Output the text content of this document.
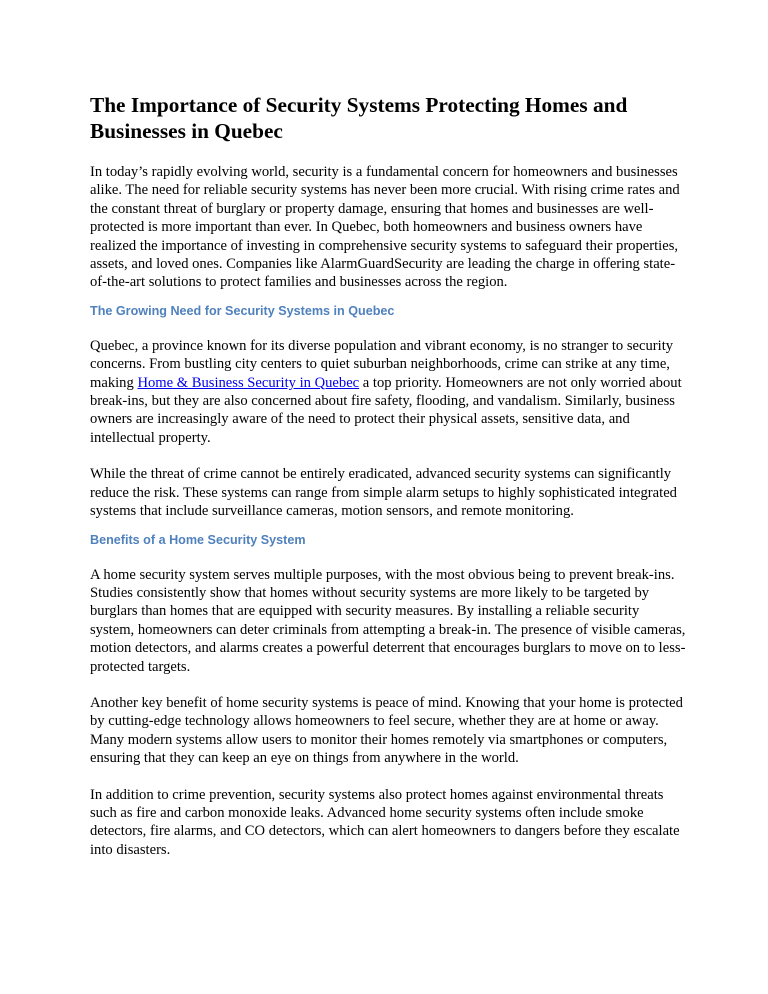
The Importance of Security Systems Protecting Homes and Businesses in Quebec

In today’s rapidly evolving world, security is a fundamental concern for homeowners and businesses alike. The need for reliable security systems has never been more crucial. With rising crime rates and the constant threat of burglary or property damage, ensuring that homes and businesses are well-protected is more important than ever. In Quebec, both homeowners and business owners have realized the importance of investing in comprehensive security systems to safeguard their properties, assets, and loved ones. Companies like AlarmGuardSecurity are leading the charge in offering state-of-the-art solutions to protect families and businesses across the region.

The Growing Need for Security Systems in Quebec

Quebec, a province known for its diverse population and vibrant economy, is no stranger to security concerns. From bustling city centers to quiet suburban neighborhoods, crime can strike at any time, making Home & Business Security in Quebec a top priority. Homeowners are not only worried about break-ins, but they are also concerned about fire safety, flooding, and vandalism. Similarly, business owners are increasingly aware of the need to protect their physical assets, sensitive data, and intellectual property.

While the threat of crime cannot be entirely eradicated, advanced security systems can significantly reduce the risk. These systems can range from simple alarm setups to highly sophisticated integrated systems that include surveillance cameras, motion sensors, and remote monitoring.

Benefits of a Home Security System

A home security system serves multiple purposes, with the most obvious being to prevent break-ins. Studies consistently show that homes without security systems are more likely to be targeted by burglars than homes that are equipped with security measures. By installing a reliable security system, homeowners can deter criminals from attempting a break-in. The presence of visible cameras, motion detectors, and alarms creates a powerful deterrent that encourages burglars to move on to less-protected targets.

Another key benefit of home security systems is peace of mind. Knowing that your home is protected by cutting-edge technology allows homeowners to feel secure, whether they are at home or away. Many modern systems allow users to monitor their homes remotely via smartphones or computers, ensuring that they can keep an eye on things from anywhere in the world.

In addition to crime prevention, security systems also protect homes against environmental threats such as fire and carbon monoxide leaks. Advanced home security systems often include smoke detectors, fire alarms, and CO detectors, which can alert homeowners to dangers before they escalate into disasters.
